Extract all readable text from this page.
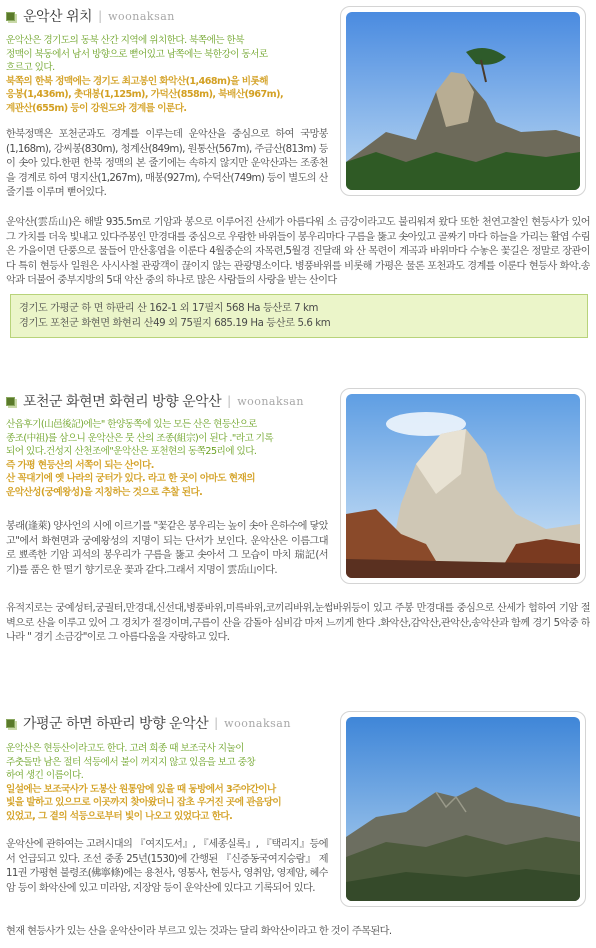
운악산 위치 | woonaksan
운악산은 경기도의 동북 산간 지역에 위치한다. 북쪽에는 한북
정맥이 북동에서 남서 방향으로 뻗어있고 남쪽에는 북한강이 동서로
흐르고 있다.
북쪽의 한북 정맥에는 경기도 최고봉인 화악산(1,468m)을 비롯해
응봉(1,436m), 촛대봉(1,125m), 가덕산(858m), 북배산(967m),
계관산(655m) 등이 강원도와 경계를 이룬다.
한북정맥은 포천군과도 경계를 이루는데 운악산을 중심으로 하여 국망봉(1,168m), 강씨봉(830m), 청계산(849m), 원통산(567m), 주금산(813m) 등이 솟아 있다.한편 한북 정맥의 본 줄기에는 속하지 않지만 운악산과는 조종천을 경계로 하여 명지산(1,267m), 매봉(927m), 수덕산(749m) 등이 별도의 산줄기를 이루며 뻗어있다.
운악산(雲岳山)은 해발 935.5m로 기암과 봉으로 이루어진 산세가 아름다워 소 금강이라고도 불리워져 왔다 또한 천연고찰인 현등사가 있어 그 가치를 더욱 빛내고 있다주봉인 만경대를 중심으로 우람한 바위들이 봉우리마다 구름을 뚫고 솟아있고 골짜기 마다 하늘을 가리는 활엽 수림은 가을이면 단풍으로 물들어 만산홍엽을 이룬다 4월중순의 자목련,5월경 진달래 와 산 목련이 계곡과 바위마다 수놓은 꽃길은 정말로 장관이다 특히 현등사 일원은 사시사철 관광객이 끊이지 않는 관광명소이다. 병풍바위를 비롯해 가평은 물론 포천과도 경계를 이룬다 현등사 화악.송악과 더불어 중부지방의 5대 악산 중의 하나로 많은 사람들의 사랑을 받는 산이다
경기도 가평군 하 면 하판리 산 162-1 외 17필지 568 Ha 등산로 7 km
경기도 포천군 화현면 화현리 산49 외 75필지 685.19 Ha 등산로 5.6 km
포천군 화현면 화현리 방향 운악산 | woonaksan
산읍후기(山邑後記)에는" 한양동쪽에 있는 모든 산은 현등산으로
종조(中祖)를 삼으니 운악산은 뭇 산의 조종(組宗)이 된다 ."라고 기록
되어 있다.건성지 산천조에"운악산은 포천현의 동쪽25리에 있다.
즉 가평 현등산의 서쪽이 되는 산이다.
산 꼭대기에 옛 나라의 궁터가 있다. 라고 한 곳이 아마도 현재의
운악산성(궁예왕성)을 지칭하는 것으로 추찰 된다.
봉래(逢萊) 양사언의 시에 이르기를 "꽃같은 봉우리는 높이 솟아 은하수에 닿았고"에서 화현면과 궁예왕성의 지명이 되는 단서가 보인다. 운악산은 이름그대로 뾰족한 기암 괴석의 봉우리가 구름을 뚫고 솟아서 그 모습이 마치 瑞記(서기)를 품은 한 떨기 향기로운 꽃과 같다.그래서 지명이 雲岳山이다.
유적지로는 궁예성터,궁궐터,만경대,신선대,병풍바위,미륵바위,코끼리바위,눈썹바위등이 있고 주봉 만경대를 중심으로 산세가 험하여 기암 절벽으로 산을 이루고 있어 그 경치가 절경이며,구름이 산을 감돌아 심비감 마저 느끼게 한다 .화악산,감악산,관악산,송악산과 함께 경기 5악중 하나라 " 경기 소금강"이로 그 아름다움을 자랑하고 있다.
가평군 하면 하판리 방향 운악산 | woonaksan
운악산은 현등산이라고도 한다. 고려 희종 때 보조국사 지눌이
주춧돌만 남은 절터 석등에서 불이 꺼지지 않고 있음을 보고 중창
하여 생긴 이름이다.
일설에는 보조국사가 도봉산 원통암에 있을 때 동방에서 3주야간이나
빛을 발하고 있으므로 이곳까지 찾아왔더니 잡초 우거진 곳에 관음당이
있었고, 그 곁의 석등으로부터 빛이 나오고 있었다고 한다.
운악산에 관하여는 고려시대의 『여지도서』, 『세종실록』, 『택리지』등에서 언급되고 있다. 조선 중종 25년(1530)에 간행된 『신증동국여지승람』 제11권 가평현 불령조(佛寧條)에는 용천사, 영통사, 현등사, 영취암, 영제암, 혜수암 등이 화악산에 있고 미라암, 지장암 등이 운악산에 있다고 기록되어 있다.
현재 현등사가 있는 산을 운악산이라 부르고 있는 것과는 달리 화악산이라고 한 것이 주목된다.
